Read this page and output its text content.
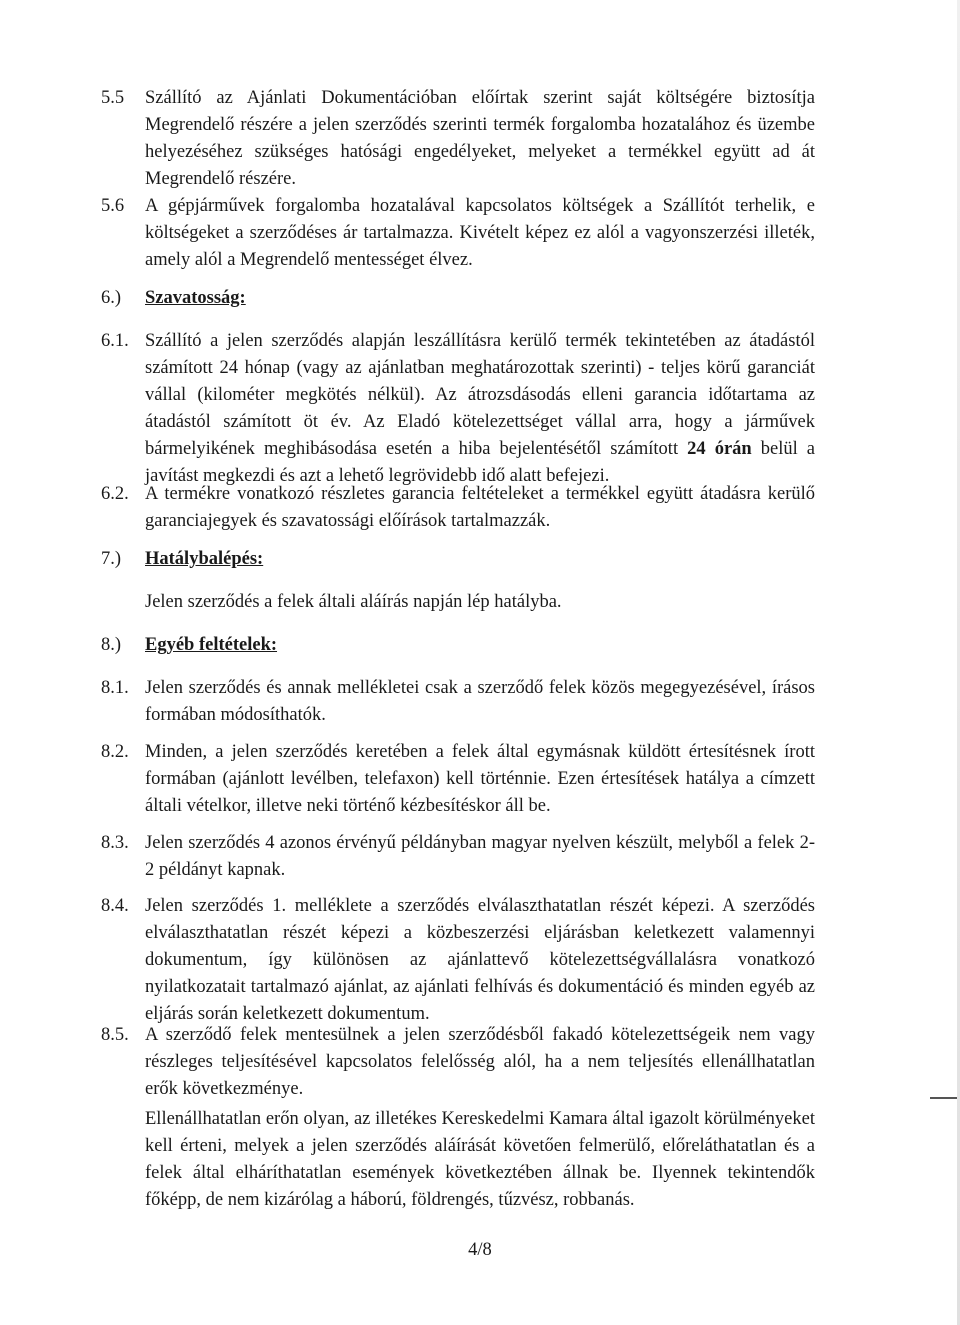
5.5 Szállító az Ajánlati Dokumentációban előírtak szerint saját költségére biztosítja Megrendelő részére a jelen szerződés szerinti termék forgalomba hozatalához és üzembe helyezéséhez szükséges hatósági engedélyeket, melyeket a termékkel együtt ad át Megrendelő részére.
5.6 A gépjárművek forgalomba hozatalával kapcsolatos költségek a Szállítót terhelik, e költségeket a szerződéses ár tartalmazza. Kivételt képez ez alól a vagyonszerzési illeték, amely alól a Megrendelő mentességet élvez.
6.) Szavatosság:
6.1. Szállító a jelen szerződés alapján leszállításra kerülő termék tekintetében az átadástól számított 24 hónap (vagy az ajánlatban meghatározottak szerinti) - teljes körű garanciát vállal (kilométer megkötés nélkül). Az átrozsdásodás elleni garancia időtartama az átadástól számított öt év. Az Eladó kötelezettséget vállal arra, hogy a járművek bármelyikének meghibásodása esetén a hiba bejelentésétől számított 24 órán belül a javítást megkezdi és azt a lehető legrövidebb idő alatt befejezi.
6.2. A termékre vonatkozó részletes garancia feltételeket a termékkel együtt átadásra kerülő garanciajegyek és szavatossági előírások tartalmazzák.
7.) Hatálybalépés:
Jelen szerződés a felek általi aláírás napján lép hatályba.
8.) Egyéb feltételek:
8.1. Jelen szerződés és annak mellékletei csak a szerződő felek közös megegyezésével, írásos formában módosíthatók.
8.2. Minden, a jelen szerződés keretében a felek által egymásnak küldött értesítésnek írott formában (ajánlott levélben, telefaxon) kell történnie. Ezen értesítések hatálya a címzett általi vételkor, illetve neki történő kézbesítéskor áll be.
8.3. Jelen szerződés 4 azonos érvényű példányban magyar nyelven készült, melyből a felek 2-2 példányt kapnak.
8.4. Jelen szerződés 1. melléklete a szerződés elválaszthatatlan részét képezi. A szerződés elválaszthatatlan részét képezi a közbeszerzési eljárásban keletkezett valamennyi dokumentum, így különösen az ajánlattevő kötelezettségvállalásra vonatkozó nyilatkozatait tartalmazó ajánlat, az ajánlati felhívás és dokumentáció és minden egyéb az eljárás során keletkezett dokumentum.
8.5. A szerződő felek mentesülnek a jelen szerződésből fakadó kötelezettségeik nem vagy részleges teljesítésével kapcsolatos felelősség alól, ha a nem teljesítés ellenállhatatlan erők következménye.
Ellenállhatatlan erőn olyan, az illetékes Kereskedelmi Kamara által igazolt körülményeket kell érteni, melyek a jelen szerződés aláírását követően felmerülő, előreláthatatlan és a felek által elháríthatatlan események következtében állnak be. Ilyennek tekintendők főképp, de nem kizárólag a háború, földrengés, tűzvész, robbanás.
4/8
